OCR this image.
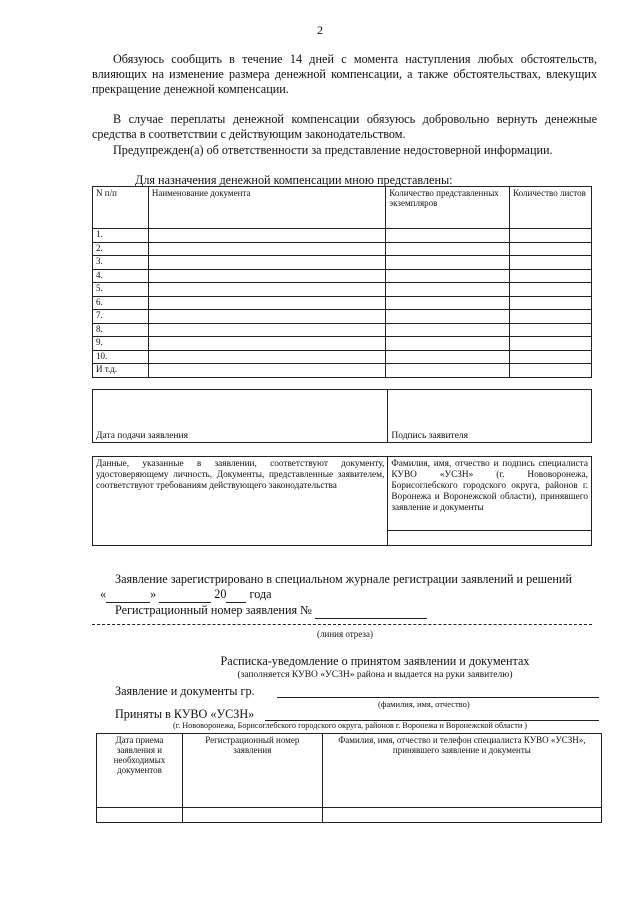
2
Обязуюсь сообщить в течение 14 дней с момента наступления любых обстоятельств, влияющих на изменение размера денежной компенсации, а также обстоятельствах, влекущих прекращение денежной компенсации.
В случае переплаты денежной компенсации обязуюсь добровольно вернуть денежные средства в соответствии с действующим законодательством.
Предупрежден(а) об ответственности за представление недостоверной информации.
Для назначения денежной компенсации мною представлены:
N п/п	Наименование документа	Количество представленных экземпляров	Количество листов
1.			
2.			
3.			
4.			
5.			
6.			
7.			
8.			
9.			
10.			
И т.д.			
Дата подачи заявления	Подпись заявителя
Данные, указанные в заявлении, соответствуют документу, удостоверяющему личность, Документы, представленные заявителем, соответствуют требованиям действующего законодательства	
Фамилия, имя, отчество и подпись специалиста КУВО «УСЗН» (г. Нововоронежа, Борисоглебского городского округа, районов г. Воронежа и Воронежской области), принявшего заявление и документы
Заявление зарегистрировано в специальном журнале регистрации заявлений и решений
«	»	20 года
Регистрационный номер заявления №
(линия отреза)
Расписка-уведомление о принятом заявлении и документах
(заполняется КУВО «УСЗН» района и выдается на руки заявителю)
Заявление и документы гр.
(фамилия, имя, отчество)
Приняты в КУВО «УСЗН»
(г. Нововоронежа, Борисоглебского городского округа, районов г. Воронежа и Воронежской области )
Дата приема заявления и необходимых документов	Регистрационный номер заявления	Фамилия, имя, отчество и телефон специалиста КУВО «УСЗН», принявшего заявление и документы
